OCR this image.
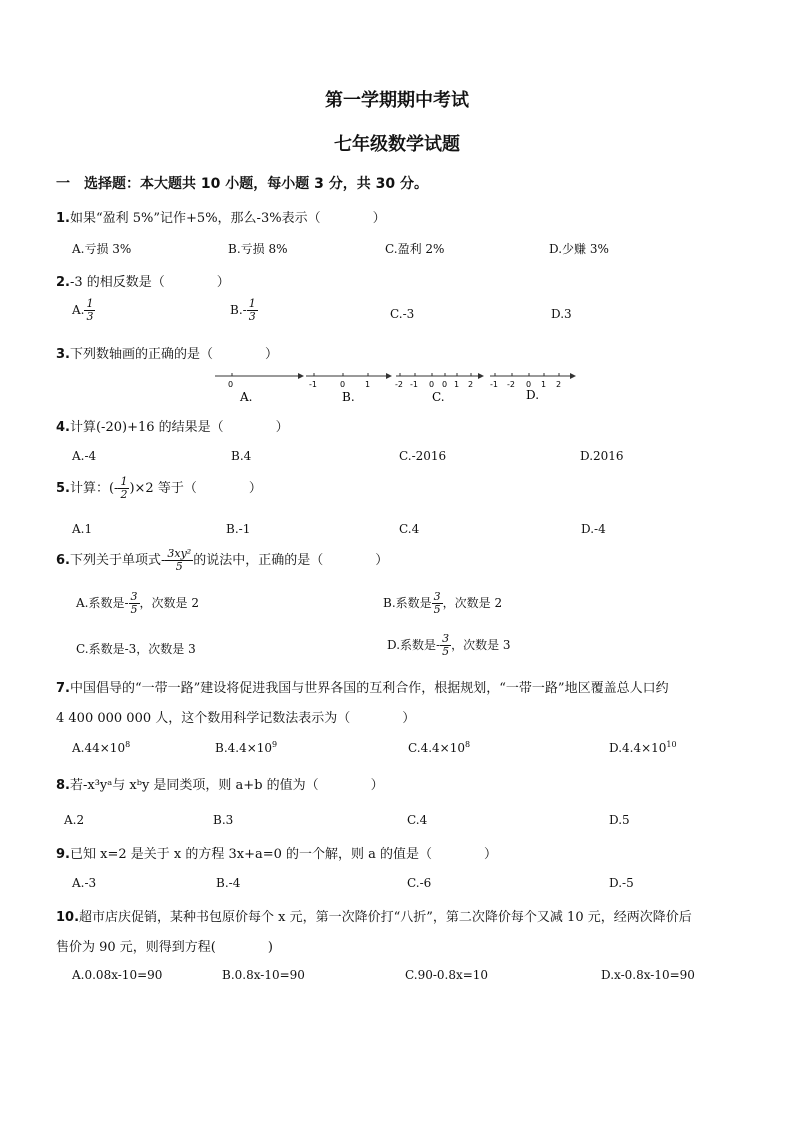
第一学期期中考试
七年级数学试题
一　选择题：本大题共 10 小题，每小题 3 分，共 30 分。
1.如果“盈利 5%”记作+5%，那么-3%表示（　　　　）
A.亏损 3%	B.亏损 8%	C.盈利 2%	D.少赚 3%
2.-3 的相反数是（　　　　）
A. $\frac{1}{3}$	$B.- \frac{1}{3}$	C.-3	D.3
3.下列数轴画的正确的是（　　　　）
0
A.
-1	0 1
B.
-2 -1 0 0 1 2
C.
-1 -2 0 1 2
D.
4.计算(-20)+16 的结果是（　　　　）
A.-4	B.4	C.-2016	D.2016
5.计算：(- $\frac{1}{2} )\times 2$ 等于（　　　　）
A.1	B.-1	C.4	D.-4
6.下列关于单项式- $\frac{\text{3xy²}}{5}$ 的说法中，正确的是（　　　　）
A.系数是- $\frac{3}{5}$ ，次数是 2	B.系数是 $\frac{3}{5}$ ，次数是 2
C.系数是-3，次数是 3	D.系数是- $\frac{3}{5}$ ，次数是 3
7.中国倡导的“一带一路”建设将促进我国与世界各国的互利合作，根据规划，“一带一路”地区覆盖总人口约
4 400 000 000 人，这个数用科学记数法表示为（　　　　）
$A.44\times 10^8$	$B.4.4\times 10^9$	$C.4.4\times 10^8$	$D.4.4\times 10^{10}$
8.若-x³yᵃ与 xᵇy 是同类项，则 a+b 的值为（　　　　）
A.2	B.3	C.4	D.5
9.已知 x=2 是关于 x 的方程 3x+a=0 的一个解，则 a 的值是（　　　　）
A.-3	B.-4	C.-6	D.-5
10.超市店庆促销，某种书包原价每个 x 元，第一次降价打“八折”，第二次降价每个又减 10 元，经两次降价后
售价为 90 元，则得到方程(　　　　)
A.0.08x-10=90	B.0.8x-10=90	C.90-0.8x=10	D.x-0.8x-10=90
